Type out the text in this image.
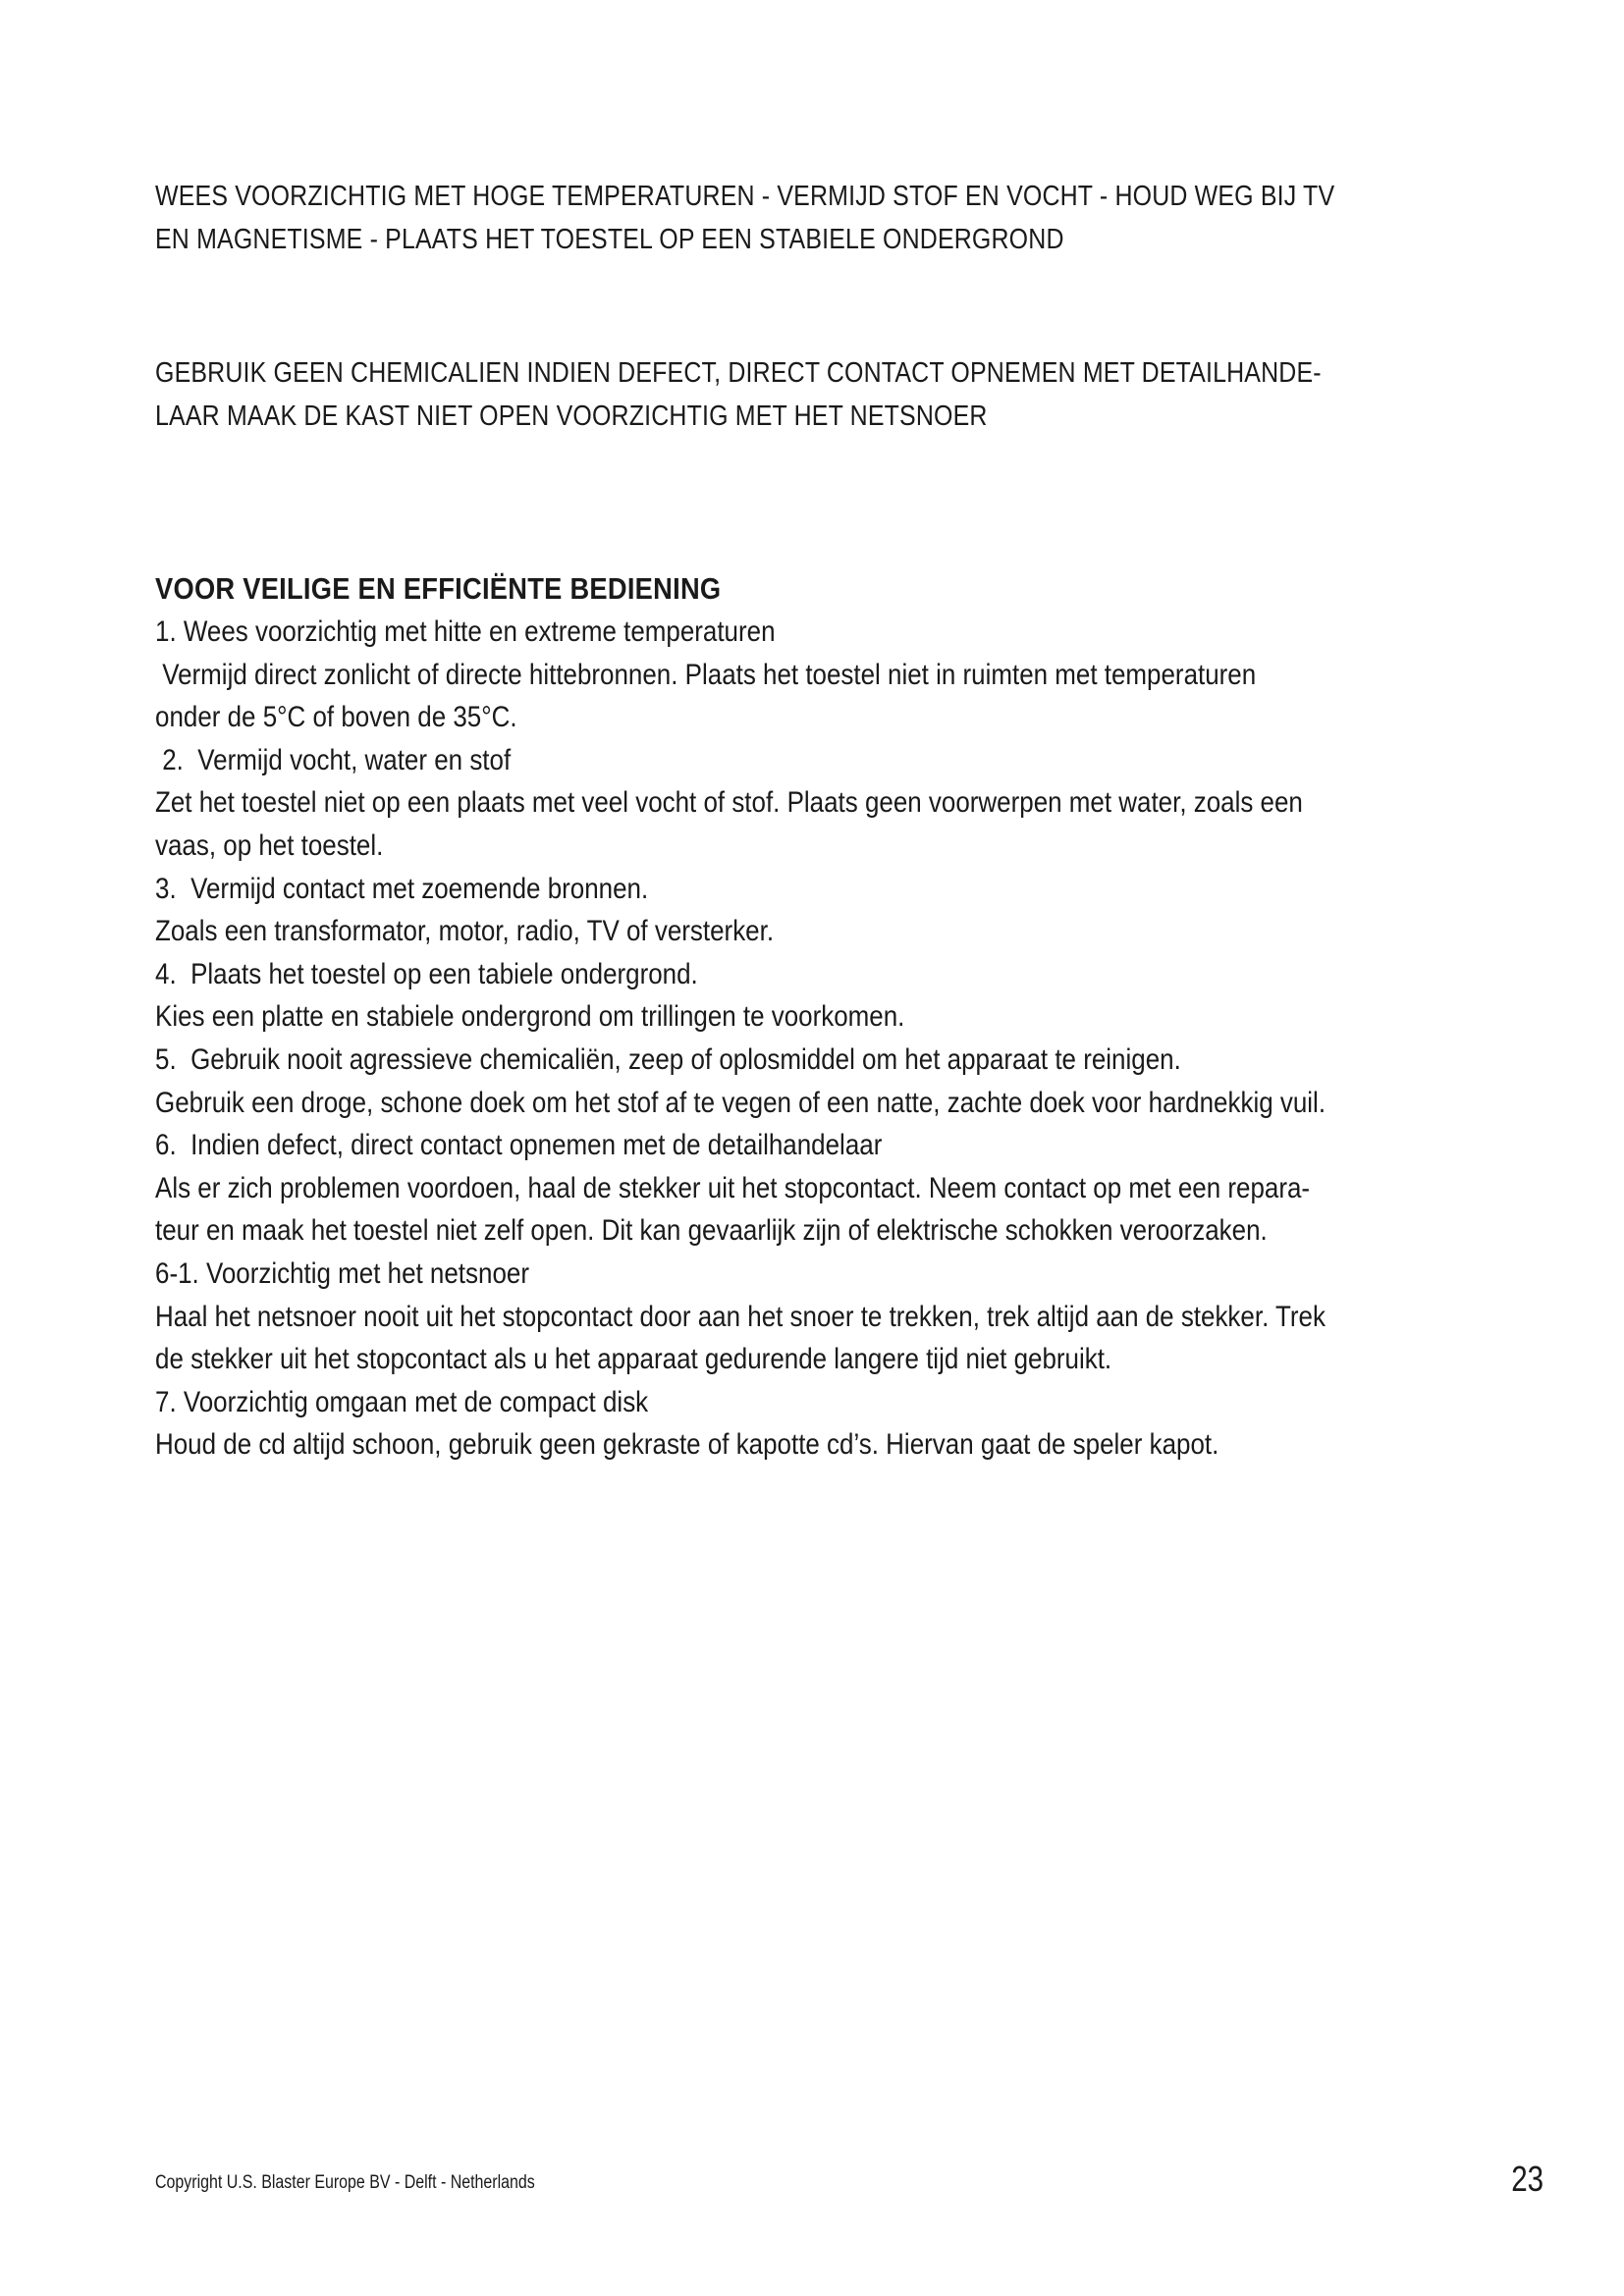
WEES VOORZICHTIG MET HOGE TEMPERATUREN - VERMIJD STOF EN VOCHT - HOUD WEG BIJ TV
EN MAGNETISME - PLAATS HET TOESTEL OP EEN STABIELE ONDERGROND
GEBRUIK GEEN CHEMICALIEN INDIEN DEFECT, DIRECT CONTACT OPNEMEN MET DETAILHANDE-
LAAR MAAK DE KAST NIET OPEN VOORZICHTIG MET HET NETSNOER
VOOR VEILIGE EN EFFICIËNTE BEDIENING
1. Wees voorzichtig met hitte en extreme temperaturen
Vermijd direct zonlicht of directe hittebronnen. Plaats het toestel niet in ruimten met temperaturen
onder de 5°C of boven de 35°C.
2.  Vermijd vocht, water en stof
Zet het toestel niet op een plaats met veel vocht of stof. Plaats geen voorwerpen met water, zoals een
vaas, op het toestel.
3.  Vermijd contact met zoemende bronnen.
Zoals een transformator, motor, radio, TV of versterker.
4.  Plaats het toestel op een tabiele ondergrond.
Kies een platte en stabiele ondergrond om trillingen te voorkomen.
5.  Gebruik nooit agressieve chemicaliën, zeep of oplosmiddel om het apparaat te reinigen.
Gebruik een droge, schone doek om het stof af te vegen of een natte, zachte doek voor hardnekkig vuil.
6.  Indien defect, direct contact opnemen met de detailhandelaar
Als er zich problemen voordoen, haal de stekker uit het stopcontact. Neem contact op met een repara-
teur en maak het toestel niet zelf open. Dit kan gevaarlijk zijn of elektrische schokken veroorzaken.
6-1. Voorzichtig met het netsnoer
Haal het netsnoer nooit uit het stopcontact door aan het snoer te trekken, trek altijd aan de stekker. Trek
de stekker uit het stopcontact als u het apparaat gedurende langere tijd niet gebruikt.
7. Voorzichtig omgaan met de compact disk
Houd de cd altijd schoon, gebruik geen gekraste of kapotte cd’s. Hiervan gaat de speler kapot.
Copyright U.S. Blaster Europe BV - Delft - Netherlands	23
